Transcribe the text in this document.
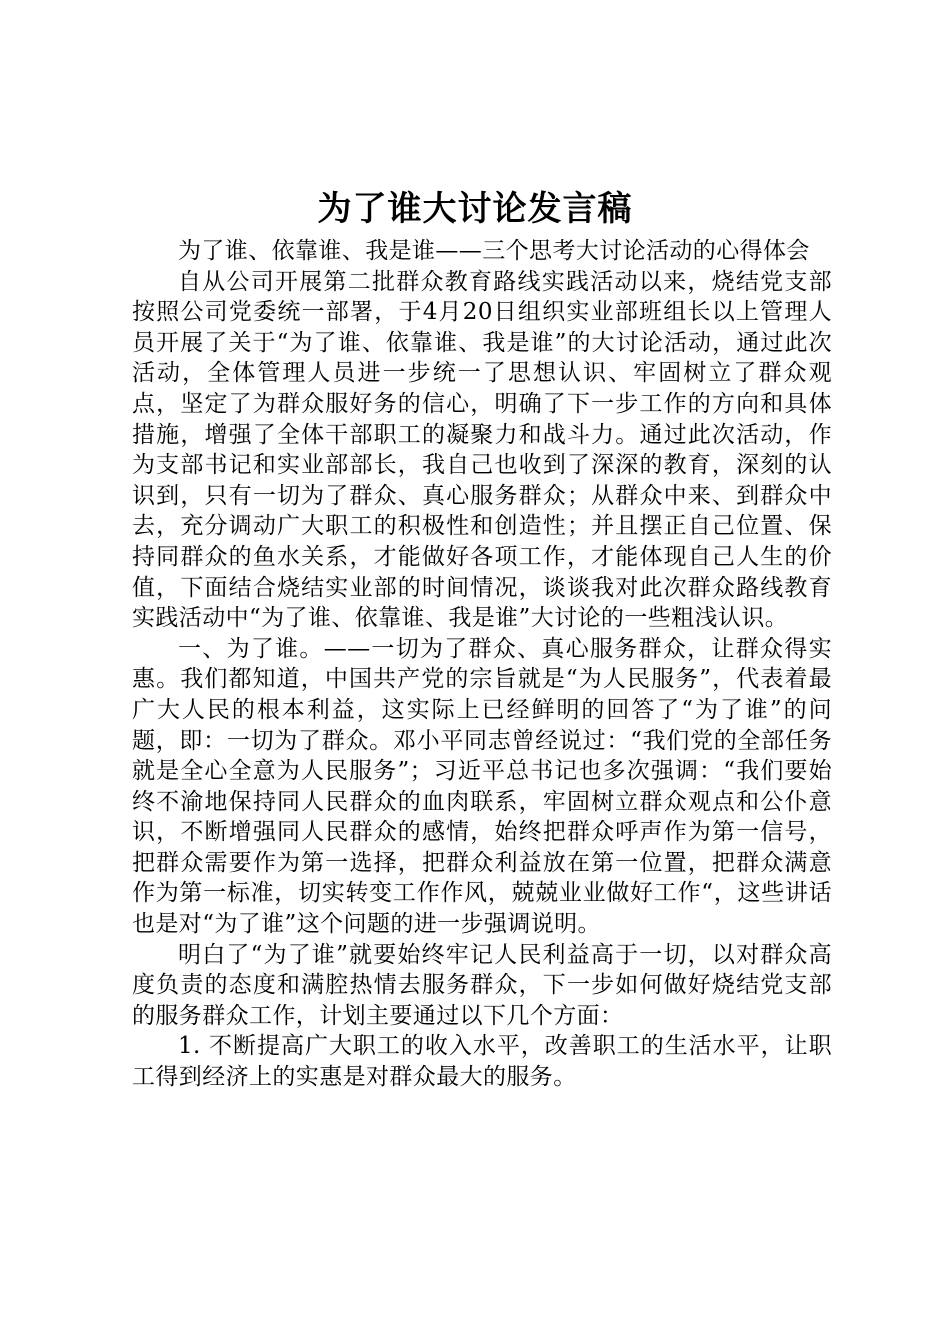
为了谁大讨论发言稿

为了谁、依靠谁、我是谁——三个思考大讨论活动的心得体会

自从公司开展第二批群众教育路线实践活动以来，烧结党支部按照公司党委统一部署，于4月20日组织实业部班组长以上管理人员开展了关于“为了谁、依靠谁、我是谁”的大讨论活动，通过此次活动，全体管理人员进一步统一了思想认识、牢固树立了群众观点，坚定了为群众服好务的信心，明确了下一步工作的方向和具体措施，增强了全体干部职工的凝聚力和战斗力。通过此次活动，作为支部书记和实业部部长，我自己也收到了深深的教育，深刻的认识到，只有一切为了群众、真心服务群众；从群众中来、到群众中去，充分调动广大职工的积极性和创造性；并且摆正自己位置、保持同群众的鱼水关系，才能做好各项工作，才能体现自己人生的价值，下面结合烧结实业部的时间情况，谈谈我对此次群众路线教育实践活动中“为了谁、依靠谁、我是谁”大讨论的一些粗浅认识。

一、为了谁。——一切为了群众、真心服务群众，让群众得实惠。我们都知道，中国共产党的宗旨就是“为人民服务”，代表着最广大人民的根本利益，这实际上已经鲜明的回答了“为了谁”的问题，即：一切为了群众。邓小平同志曾经说过：“我们党的全部任务就是全心全意为人民服务”；习近平总书记也多次强调：“我们要始终不渝地保持同人民群众的血肉联系，牢固树立群众观点和公仆意识，不断增强同人民群众的感情，始终把群众呼声作为第一信号，把群众需要作为第一选择，把群众利益放在第一位置，把群众满意作为第一标准，切实转变工作作风，兢兢业业做好工作“，这些讲话也是对“为了谁”这个问题的进一步强调说明。

明白了“为了谁”就要始终牢记人民利益高于一切，以对群众高度负责的态度和满腔热情去服务群众，下一步如何做好烧结党支部的服务群众工作，计划主要通过以下几个方面：

1. 不断提高广大职工的收入水平，改善职工的生活水平，让职工得到经济上的实惠是对群众最大的服务。
